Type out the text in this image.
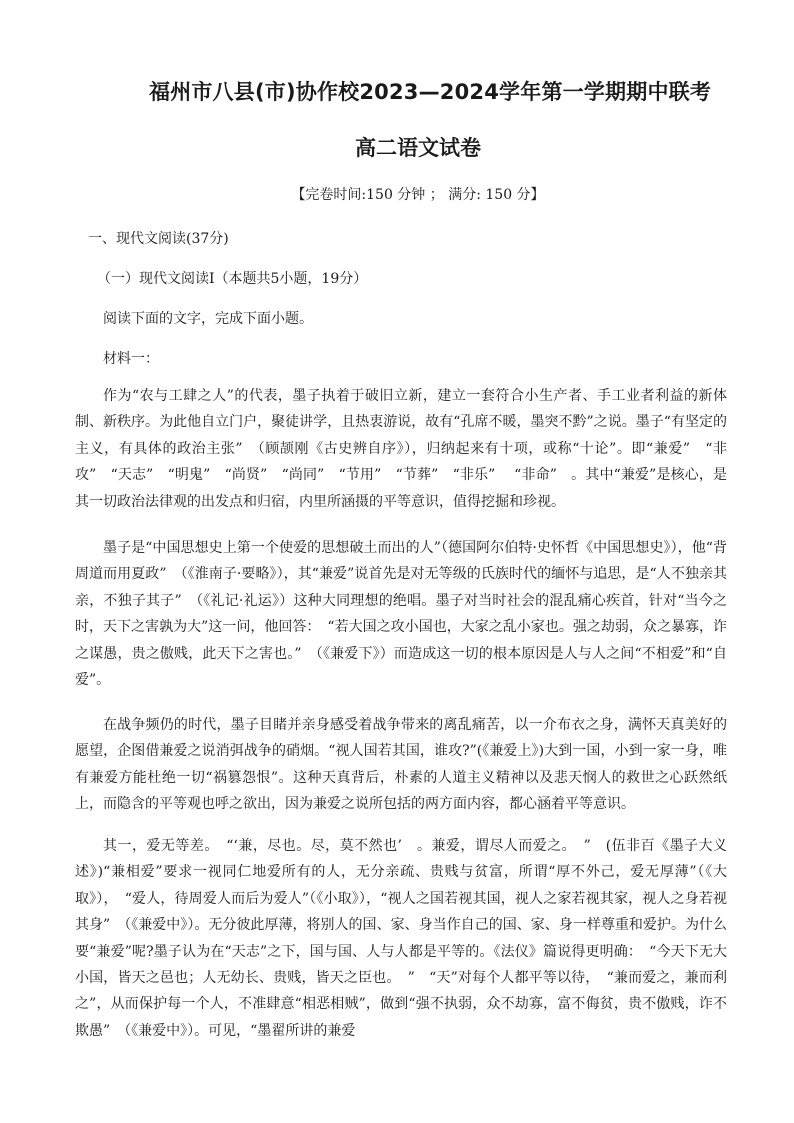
福州市八县(市)协作校2023—2024学年第一学期期中联考
高二语文试卷
【完卷时间:150 分钟 ； 满分: 150 分】
一、现代文阅读(37分)
（一）现代文阅读Ⅰ（本题共5小题，19分）
阅读下面的文字，完成下面小题。
材料一：

作为“农与工肆之人”的代表，墨子执着于破旧立新，建立一套符合小生产者、手工业者利益的新体制、新秩序。为此他自立门户，聚徒讲学，且热衷游说，故有“孔席不暖，墨突不黔”之说。墨子“有坚定的主义，有具体的政治主张”　（顾颉刚《古史辨自序》），归纳起来有十项，或称“十论”。即“兼爱”　“非攻”　“天志”　“明鬼”　“尚贤”　“尚同”　“节用”　“节葬”　“非乐”　 “非命”　。其中“兼爱”是核心，是其一切政治法律观的出发点和归宿，内里所涵摄的平等意识，值得挖掘和珍视。

墨子是“中国思想史上第一个使爱的思想破土而出的人”（德国阿尔伯特·史怀哲《中国思想史》），他“背周道而用夏政”　（《淮南子·要略》），其“兼爱”说首先是对无等级的氏族时代的缅怀与追思，是“人不独亲其亲，不独子其子”　（《礼记·礼运》）这种大同理想的绝唱。墨子对当时社会的混乱痛心疾首，针对“当今之时，天下之害孰为大”这一问，他回答：　“若大国之攻小国也，大家之乱小家也。强之劫弱，众之暴寡，诈之谋愚，贵之傲贱，此天下之害也。”　（《兼爱下》）而造成这一切的根本原因是人与人之间“不相爱”和“自爱”。

在战争频仍的时代，墨子目睹并亲身感受着战争带来的离乱痛苦，以一介布衣之身，满怀天真美好的愿望，企图借兼爱之说消弭战争的硝烟。“视人国若其国，谁攻?”(《兼爱上》)大到一国，小到一家一身，唯有兼爱方能杜绝一切“祸篡怨恨”。这种天真背后，朴素的人道主义精神以及悲天悯人的救世之心跃然纸上，而隐含的平等观也呼之欲出，因为兼爱之说所包括的两方面内容，都心涵着平等意识。

其一，爱无等差。　“‘兼，尽也。尽，莫不然也’　。兼爱，谓尽人而爱之。　”　(伍非百《墨子大义述》)“兼相爱”要求一视同仁地爱所有的人，无分亲疏、贵贱与贫富，所谓“厚不外己，爱无厚薄”（《大取》），　“爱人，待周爱人而后为爱人”（《小取》），“视人之国若视其国，视人之家若视其家，视人之身若视其身”　（《兼爱中》）。无分彼此厚薄，将别人的国、家、身当作自己的国、家、身一样尊重和爱护。为什么要“兼爱”呢?墨子认为在“天志”之下，国与国、人与人都是平等的。《法仪》篇说得更明确：　“今天下无大小国，皆天之邑也；人无幼长、贵贱，皆天之臣也。　”　“天”对每个人都平等以待，　“兼而爱之，兼而利之”，从而保护每一个人，不准肆意“相恶相贼”，做到“强不执弱，众不劫寡，富不侮贫，贵不傲贱，诈不欺愚”　（《兼爱中》）。可见，“墨翟所讲的兼爱
